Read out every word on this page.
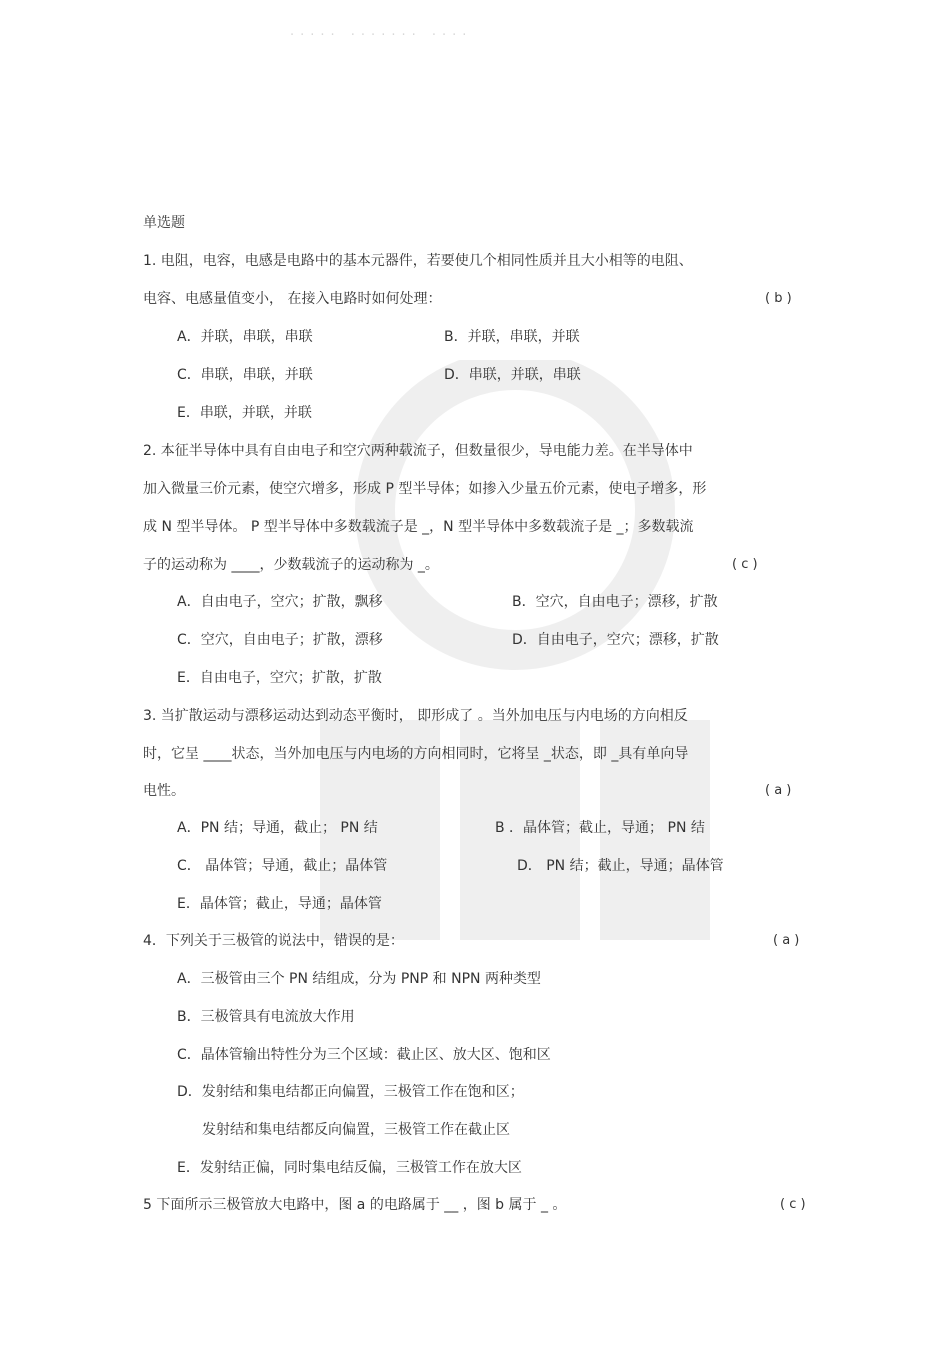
····· ······· ····
单选题
1. 电阻，电容，电感是电路中的基本元器件，若要使几个相同性质并且大小相等的电阻、
电容、电感量值变小， 在接入电路时如何处理：	( b )
A．并联，串联，串联	B．并联，串联，并联
C．串联，串联，并联	D．串联，并联，串联
E．串联，并联，并联
2. 本征半导体中具有自由电子和空穴两种载流子，但数量很少，导电能力差。在半导体中
加入微量三价元素，使空穴增多，形成 P 型半导体；如掺入少量五价元素，使电子增多，形
成 N 型半导体。 P 型半导体中多数载流子是 _，N 型半导体中多数载流子是 _；多数载流
子的运动称为 ____，少数载流子的运动称为 _。	( c )
A．自由电子，空穴；扩散，飘移	B．空穴，自由电子；漂移，扩散
C．空穴，自由电子；扩散，漂移	D．自由电子，空穴；漂移，扩散
E．自由电子，空穴；扩散，扩散
3. 当扩散运动与漂移运动达到动态平衡时， 即形成了 。当外加电压与内电场的方向相反
时，它呈 ____状态，当外加电压与内电场的方向相同时，它将呈 _状态，即 _具有单向导
电性。	( a )
A．PN 结；导通，截止； PN 结	B ．晶体管；截止，导通； PN 结
C． 晶体管；导通，截止；晶体管	D． PN 结；截止，导通；晶体管
E．晶体管；截止，导通；晶体管
4．下列关于三极管的说法中，错误的是：	( a )
A．三极管由三个 PN 结组成，分为 PNP 和 NPN 两种类型
B．三极管具有电流放大作用
C．晶体管输出特性分为三个区域：截止区、放大区、饱和区
D．发射结和集电结都正向偏置，三极管工作在饱和区；
发射结和集电结都反向偏置，三极管工作在截止区
E．发射结正偏，同时集电结反偏，三极管工作在放大区
5 下面所示三极管放大电路中，图 a 的电路属于 __ ，图 b 属于 _ 。	( c )
